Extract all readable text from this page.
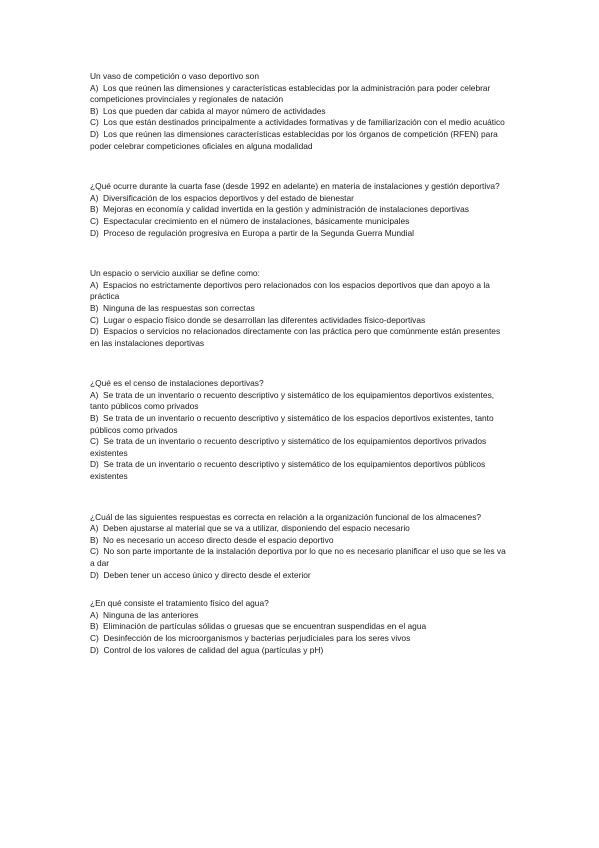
Un vaso de competición o vaso deportivo son

A) Los que reúnen las dimensiones y características establecidas por la administración para poder celebrar competiciones provinciales y regionales de natación
B) Los que pueden dar cabida al mayor número de actividades
C) Los que están destinados principalmente a actividades formativas y de familiarización con el medio acuático
D) Los que reúnen las dimensiones características establecidas por los órganos de competición (RFEN) para poder celebrar competiciones oficiales en alguna modalidad

¿Qué ocurre durante la cuarta fase (desde 1992 en adelante) en materia de instalaciones y gestión deportiva?

A) Diversificación de los espacios deportivos y del estado de bienestar
B) Mejoras en economía y calidad invertida en la gestión y administración de instalaciones deportivas
C) Espectacular crecimiento en el número de instalaciones, básicamente municipales
D) Proceso de regulación progresiva en Europa a partir de la Segunda Guerra Mundial

Un espacio o servicio auxiliar se define como:

A) Espacios no estrictamente deportivos pero relacionados con los espacios deportivos que dan apoyo a la práctica
B) Ninguna de las respuestas son correctas
C) Lugar o espacio físico donde se desarrollan las diferentes actividades físico-deportivas
D) Espacios o servicios no relacionados directamente con las práctica pero que comúnmente están presentes en las instalaciones deportivas

¿Qué es el censo de instalaciones deportivas?

A) Se trata de un inventario o recuento descriptivo y sistemático de los equipamientos deportivos existentes, tanto públicos como privados
B) Se trata de un inventario o recuento descriptivo y sistemático de los espacios deportivos existentes, tanto públicos como privados
C) Se trata de un inventario o recuento descriptivo y sistemático de los equipamientos deportivos privados existentes
D) Se trata de un inventario o recuento descriptivo y sistemático de los equipamientos deportivos públicos existentes

¿Cuál de las siguientes respuestas es correcta en relación a la organización funcional de los almacenes?

A) Deben ajustarse al material que se va a utilizar, disponiendo del espacio necesario
B) No es necesario un acceso directo desde el espacio deportivo
C) No son parte importante de la instalación deportiva por lo que no es necesario planificar el uso que se les va a dar
D) Deben tener un acceso único y directo desde el exterior

¿En qué consiste el tratamiento físico del agua?

A) Ninguna de las anteriores
B) Eliminación de partículas sólidas o gruesas que se encuentran suspendidas en el agua
C) Desinfección de los microorganismos y bacterias perjudiciales para los seres vivos
D) Control de los valores de calidad del agua (partículas y pH)
